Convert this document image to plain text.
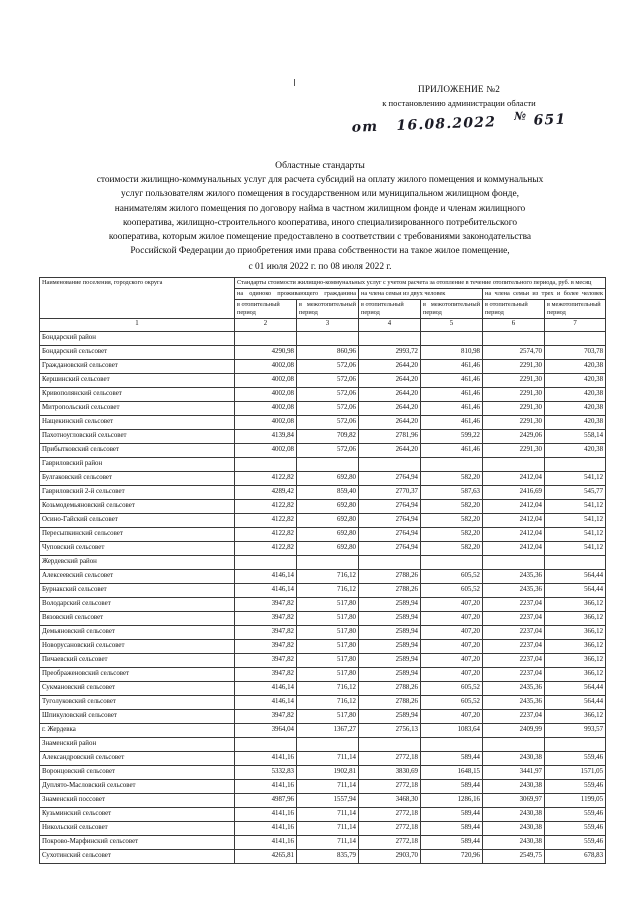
ПРИЛОЖЕНИЕ №2
к постановлению администрации области
от 16.08.2022 № 651
Областные стандарты
стоимости жилищно-коммунальных услуг для расчета субсидий на оплату жилого помещения и коммунальных
услуг пользователям жилого помещения в государственном или муниципальном жилищном фонде,
нанимателям жилого помещения по договору найма в частном жилищном фонде и членам жилищного
кооператива, жилищно-строительного кооператива, иного специализированного потребительского
кооператива, которым жилое помещение предоставлено в соответствии с требованиями законодательства
Российской Федерации до приобретения ими права собственности на такое жилое помещение,
с 01 июля 2022 г. по 08 июля 2022 г.
Наименование поселения, городского округа	Стандарты стоимости жилищно-коммунальных услуг с учетом расчета за отопление в течение отопительного периода, руб. в месяц					
	на одиноко проживающего гражданина		на члена семьи из двух человек		на члена семьи из трех и более человек	
	в отопительный период	в межотопительный период	в отопительный период	в межотопительный период	в отопительный период	в межотопительный период
1	2	3	4	5	6	7
Бондарский район						
Бондарский сельсовет	4290,98	860,96	2993,72	810,98	2574,70	703,78
Граждановский сельсовет	4002,08	572,06	2644,20	461,46	2291,30	420,38
Кершинский сельсовет	4002,08	572,06	2644,20	461,46	2291,30	420,38
Кривополянский сельсовет	4002,08	572,06	2644,20	461,46	2291,30	420,38
Митропольский сельсовет	4002,08	572,06	2644,20	461,46	2291,30	420,38
Нащекинский сельсовет	4002,08	572,06	2644,20	461,46	2291,30	420,38
Пахотноугловский сельсовет	4139,84	709,82	2781,96	599,22	2429,06	558,14
Прибытковский сельсовет	4002,08	572,06	2644,20	461,46	2291,30	420,38
Гавриловский район						
Булгаковский сельсовет	4122,82	692,80	2764,94	582,20	2412,04	541,12
Гавриловский 2-й сельсовет	4289,42	859,40	2770,37	587,63	2416,69	545,77
Козьмодемьяновский сельсовет	4122,82	692,80	2764,94	582,20	2412,04	541,12
Осино-Гайский сельсовет	4122,82	692,80	2764,94	582,20	2412,04	541,12
Пересыпкинский сельсовет	4122,82	692,80	2764,94	582,20	2412,04	541,12
Чуповский сельсовет	4122,82	692,80	2764,94	582,20	2412,04	541,12
Жердевский район						
Алексеевский сельсовет	4146,14	716,12	2788,26	605,52	2435,36	564,44
Бурнакский сельсовет	4146,14	716,12	2788,26	605,52	2435,36	564,44
Володарский сельсовет	3947,82	517,80	2589,94	407,20	2237,04	366,12
Вязовский сельсовет	3947,82	517,80	2589,94	407,20	2237,04	366,12
Демьяновский сельсовет	3947,82	517,80	2589,94	407,20	2237,04	366,12
Новорусановский сельсовет	3947,82	517,80	2589,94	407,20	2237,04	366,12
Пичаевский сельсовет	3947,82	517,80	2589,94	407,20	2237,04	366,12
Преображеновский сельсовет	3947,82	517,80	2589,94	407,20	2237,04	366,12
Сукмановский сельсовет	4146,14	716,12	2788,26	605,52	2435,36	564,44
Туголуковский сельсовет	4146,14	716,12	2788,26	605,52	2435,36	564,44
Шпикуловский сельсовет	3947,82	517,80	2589,94	407,20	2237,04	366,12
г. Жердевка	3964,04	1367,27	2756,13	1083,64	2409,99	993,57
Знаменский район						
Александровский сельсовет	4141,16	711,14	2772,18	589,44	2430,38	559,46
Воронцовский сельсовет	5332,83	1902,81	3830,69	1648,15	3441,97	1571,05
Дуплято-Масловский сельсовет	4141,16	711,14	2772,18	589,44	2430,38	559,46
Знаменский поссовет	4987,96	1557,94	3468,30	1286,16	3069,97	1199,05
Кузьминский сельсовет	4141,16	711,14	2772,18	589,44	2430,38	559,46
Никольский сельсовет	4141,16	711,14	2772,18	589,44	2430,38	559,46
Покрово-Марфинский сельсовет	4141,16	711,14	2772,18	589,44	2430,38	559,46
Сухотинский сельсовет	4265,81	835,79	2903,70	720,96	2549,75	678,83
